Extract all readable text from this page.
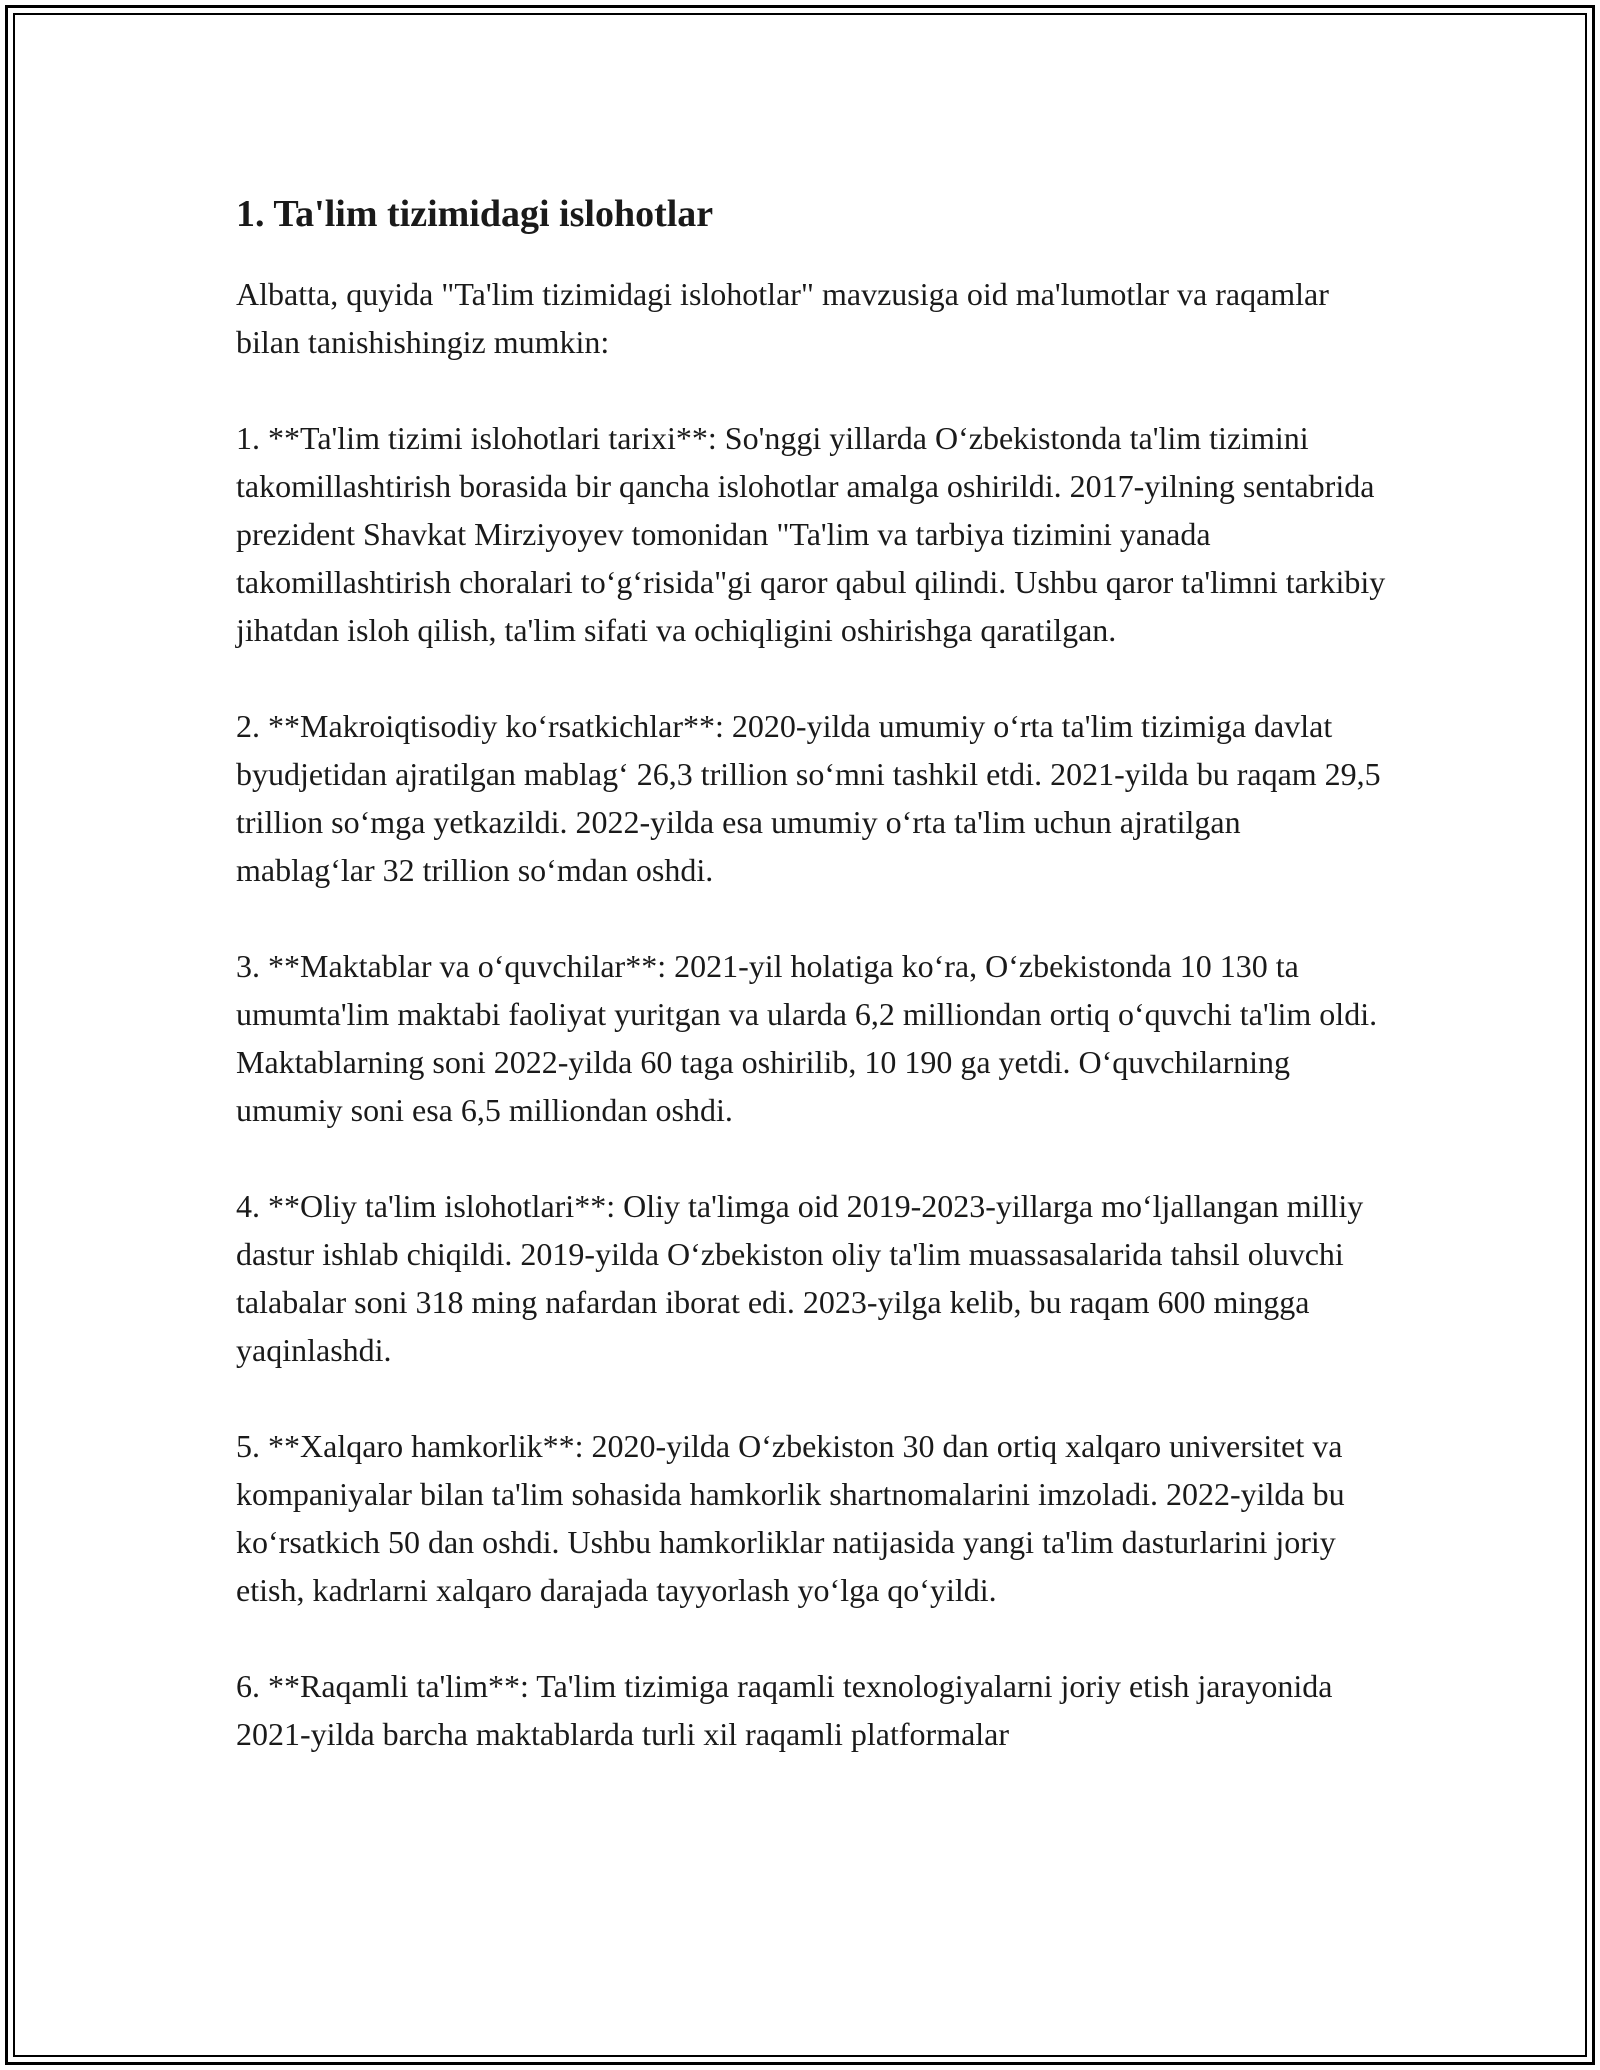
1. Ta'lim tizimidagi islohotlar

Albatta, quyida "Ta'lim tizimidagi islohotlar" mavzusiga oid ma'lumotlar va raqamlar bilan tanishishingiz mumkin:

1. **Ta'lim tizimi islohotlari tarixi**: So'nggi yillarda O‘zbekistonda ta'lim tizimini takomillashtirish borasida bir qancha islohotlar amalga oshirildi. 2017-yilning sentabrida prezident Shavkat Mirziyoyev tomonidan "Ta'lim va tarbiya tizimini yanada takomillashtirish choralari to‘g‘risida"gi qaror qabul qilindi. Ushbu qaror ta'limni tarkibiy jihatdan isloh qilish, ta'lim sifati va ochiqligini oshirishga qaratilgan.

2. **Makroiqtisodiy ko‘rsatkichlar**: 2020-yilda umumiy o‘rta ta'lim tizimiga davlat byudjetidan ajratilgan mablag‘ 26,3 trillion so‘mni tashkil etdi. 2021-yilda bu raqam 29,5 trillion so‘mga yetkazildi. 2022-yilda esa umumiy o‘rta ta'lim uchun ajratilgan mablag‘lar 32 trillion so‘mdan oshdi.

3. **Maktablar va o‘quvchilar**: 2021-yil holatiga ko‘ra, O‘zbekistonda 10 130 ta umumta'lim maktabi faoliyat yuritgan va ularda 6,2 milliondan ortiq o‘quvchi ta'lim oldi. Maktablarning soni 2022-yilda 60 taga oshirilib, 10 190 ga yetdi. O‘quvchilarning umumiy soni esa 6,5 milliondan oshdi.

4. **Oliy ta'lim islohotlari**: Oliy ta'limga oid 2019-2023-yillarga mo‘ljallangan milliy dastur ishlab chiqildi. 2019-yilda O‘zbekiston oliy ta'lim muassasalarida tahsil oluvchi talabalar soni 318 ming nafardan iborat edi. 2023-yilga kelib, bu raqam 600 mingga yaqinlashdi.

5. **Xalqaro hamkorlik**: 2020-yilda O‘zbekiston 30 dan ortiq xalqaro universitet va kompaniyalar bilan ta'lim sohasida hamkorlik shartnomalarini imzoladi. 2022-yilda bu ko‘rsatkich 50 dan oshdi. Ushbu hamkorliklar natijasida yangi ta'lim dasturlarini joriy etish, kadrlarni xalqaro darajada tayyorlash yo‘lga qo‘yildi.

6. **Raqamli ta'lim**: Ta'lim tizimiga raqamli texnologiyalarni joriy etish jarayonida 2021-yilda barcha maktablarda turli xil raqamli platformalar
